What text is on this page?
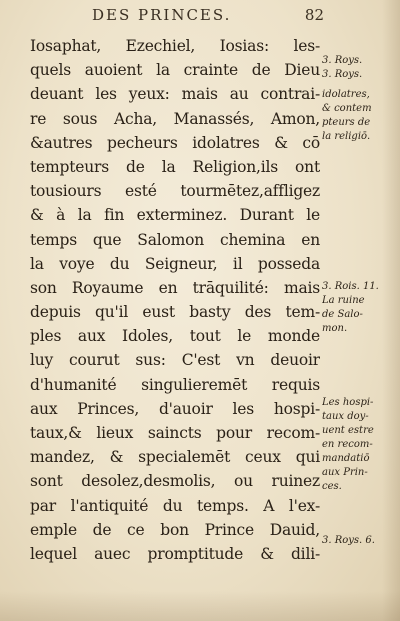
DES PRINCES.	82
Iosaphat, Ezechiel, Iosias: les-
quels auoient la crainte de Dieu
deuant les yeux: mais au contrai-
re sous Acha, Manassés, Amon,
&autres pecheurs idolatres & cō
tempteurs de la Religion,ils ont
tousiours esté tourmētez,affligez
& à la fin exterminez. Durant le
temps que Salomon chemina en
la voye du Seigneur, il possedа
son Royaume en trāquilité: mais
depuis qu'il eust basty des tem-
ples aux Idoles, tout le monde
luy courut sus: C'est vn deuoir
d'humanité singulieremēt requis
aux Princes, d'auoir les hospi-
taux,& lieux saincts pour recom-
mandez, & specialemēt ceux qui
sont desolez,desmolis, ou ruinez
par l'antiquité du temps. A l'ex-
emple de ce bon Prince Dauid,
lequel auec promptitude & dili-
3. Roys.
3. Roys.
idolatres,
& contem
pteurs de
la religiō.
3. Rois. 11.
La ruine
de Salo-
mon.
Les hospi-
taux doy-
uent estre
en recom-
mandatiō
aux Prin-
ces.
3. Roys. 6.
